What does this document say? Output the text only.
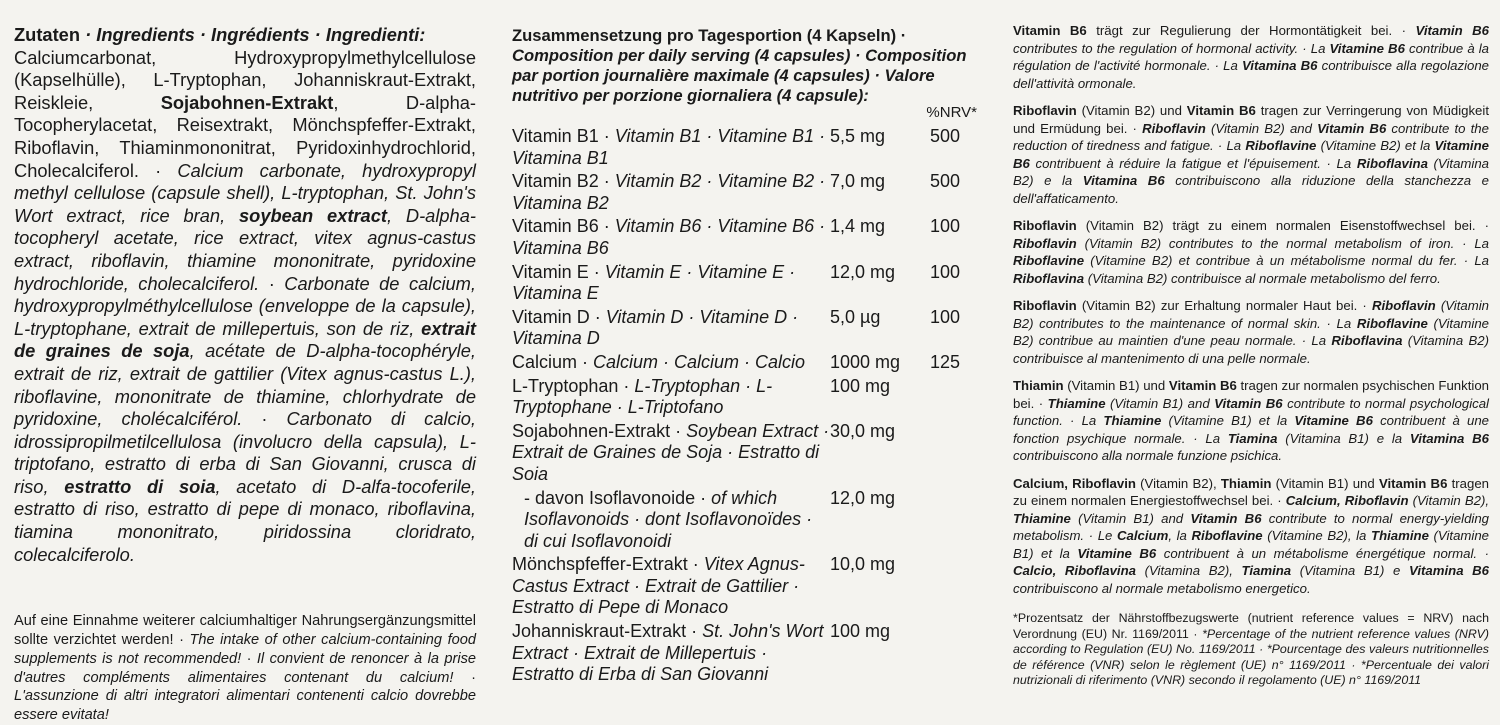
Zutaten · Ingredients · Ingrédients · Ingredienti:
Calciumcarbonat, Hydroxypropylmethylcellulose (Kapselhülle), L-Tryptophan, Johanniskraut-Extrakt, Reiskleie, Sojabohnen-Extrakt, D-alpha-Tocopherylacetat, Reisextrakt, Mönchspfeffer-Extrakt, Riboflavin, Thiaminmononitrat, Pyridoxinhydrochlorid, Cholecalciferol. · Calcium carbonate, hydroxypropyl methyl cellulose (capsule shell), L-tryptophan, St. John's Wort extract, rice bran, soybean extract, D-alpha-tocopheryl acetate, rice extract, vitex agnus-castus extract, riboflavin, thiamine mononitrate, pyridoxine hydrochloride, cholecalciferol. · Carbonate de calcium, hydroxypropylméthylcellulose (enveloppe de la capsule), L-tryptophane, extrait de millepertuis, son de riz, extrait de graines de soja, acétate de D-alpha-tocophéryle, extrait de riz, extrait de gattilier (Vitex agnus-castus L.), riboflavine, mononitrate de thiamine, chlorhydrate de pyridoxine, cholécalciférol. · Carbonato di calcio, idrossipropilmetilcellulosa (involucro della capsula), L-triptofano, estratto di erba di San Giovanni, crusca di riso, estratto di soia, acetato di D-alfa-tocoferile, estratto di riso, estratto di pepe di monaco, riboflavina, tiamina mononitrato, piridossina cloridrato, colecalciferolo.

Auf eine Einnahme weiterer calciumhaltiger Nahrungsergänzungsmittel sollte verzichtet werden! · The intake of other calcium-containing food supplements is not recommended! · Il convient de renoncer à la prise d'autres compléments alimentaires contenant du calcium! · L'assunzione di altri integratori alimentari contenenti calcio dovrebbe essere evitata!

Zusammensetzung pro Tagesportion (4 Kapseln) · Composition per daily serving (4 capsules) · Composition par portion journalière maximale (4 capsules) · Valore nutritivo per porzione giornaliera (4 capsule):

%NRV*
Vitamin B1 · Vitamin B1 · Vitamine B1 · Vitamina B1
5,5 mg	500
Vitamin B2 · Vitamin B2 · Vitamine B2 · Vitamina B2
7,0 mg	500
Vitamin B6 · Vitamin B6 · Vitamine B6 · Vitamina B6
1,4 mg	100
Vitamin E · Vitamin E · Vitamine E · Vitamina E
12,0 mg	100
Vitamin D · Vitamin D · Vitamine D · Vitamina D
5,0 µg	100
Calcium · Calcium · Calcium · Calcio	1000 mg	125
L-Tryptophan · L-Tryptophan · L-Tryptophane · L-Triptofano
100 mg
Sojabohnen-Extrakt · Soybean Extract · Extrait de Graines de Soja · Estratto di Soia
30,0 mg
- davon Isoflavonoide · of which Isoflavonoids · dont Isoflavonoïdes · di cui Isoflavonoidi
12,0 mg
Mönchspfeffer-Extrakt · Vitex Agnus-Castus Extract · Extrait de Gattilier · Estratto di Pepe di Monaco
10,0 mg
Johanniskraut-Extrakt · St. John's Wort Extract · Extrait de Millepertuis · Estratto di Erba di San Giovanni
100 mg

Vitamin B6 trägt zur Regulierung der Hormontätigkeit bei. · Vitamin B6 contributes to the regulation of hormonal activity. · La Vitamine B6 contribue à la régulation de l'activité hormonale. · La Vitamina B6 contribuisce alla regolazione dell'attività ormonale.

Riboflavin (Vitamin B2) und Vitamin B6 tragen zur Verringerung von Müdigkeit und Ermüdung bei. · Riboflavin (Vitamin B2) and Vitamin B6 contribute to the reduction of tiredness and fatigue. · La Riboflavine (Vitamine B2) et la Vitamine B6 contribuent à réduire la fatigue et l'épuisement. · La Riboflavina (Vitamina B2) e la Vitamina B6 contribuiscono alla riduzione della stanchezza e dell'affaticamento.

Riboflavin (Vitamin B2) trägt zu einem normalen Eisenstoffwechsel bei. · Riboflavin (Vitamin B2) contributes to the normal metabolism of iron. · La Riboflavine (Vitamine B2) et contribue à un métabolisme normal du fer. · La Riboflavina (Vitamina B2) contribuisce al normale metabolismo del ferro.

Riboflavin (Vitamin B2) zur Erhaltung normaler Haut bei. · Riboflavin (Vitamin B2) contributes to the maintenance of normal skin. · La Riboflavine (Vitamine B2) contribue au maintien d'une peau normale. · La Riboflavina (Vitamina B2) contribuisce al mantenimento di una pelle normale.

Thiamin (Vitamin B1) und Vitamin B6 tragen zur normalen psychischen Funktion bei. · Thiamine (Vitamin B1) and Vitamin B6 contribute to normal psychological function. · La Thiamine (Vitamine B1) et la Vitamine B6 contribuent à une fonction psychique normale. · La Tiamina (Vitamina B1) e la Vitamina B6 contribuiscono alla normale funzione psichica.

Calcium, Riboflavin (Vitamin B2), Thiamin (Vitamin B1) und Vitamin B6 tragen zu einem normalen Energiestoffwechsel bei. · Calcium, Riboflavin (Vitamin B2), Thiamine (Vitamin B1) and Vitamin B6 contribute to normal energy-yielding metabolism. · Le Calcium, la Riboflavine (Vitamine B2), la Thiamine (Vitamine B1) et la Vitamine B6 contribuent à un métabolisme énergétique normal. · Calcio, Riboflavina (Vitamina B2), Tiamina (Vitamina B1) e Vitamina B6 contribuiscono al normale metabolismo energetico.

*Prozentsatz der Nährstoffbezugswerte (nutrient reference values = NRV) nach Verordnung (EU) Nr. 1169/2011 · *Percentage of the nutrient reference values (NRV) according to Regulation (EU) No. 1169/2011 · *Pourcentage des valeurs nutritionnelles de référence (VNR) selon le règlement (UE) n° 1169/2011 · *Percentuale dei valori nutrizionali di riferimento (VNR) secondo il regolamento (UE) n° 1169/2011
